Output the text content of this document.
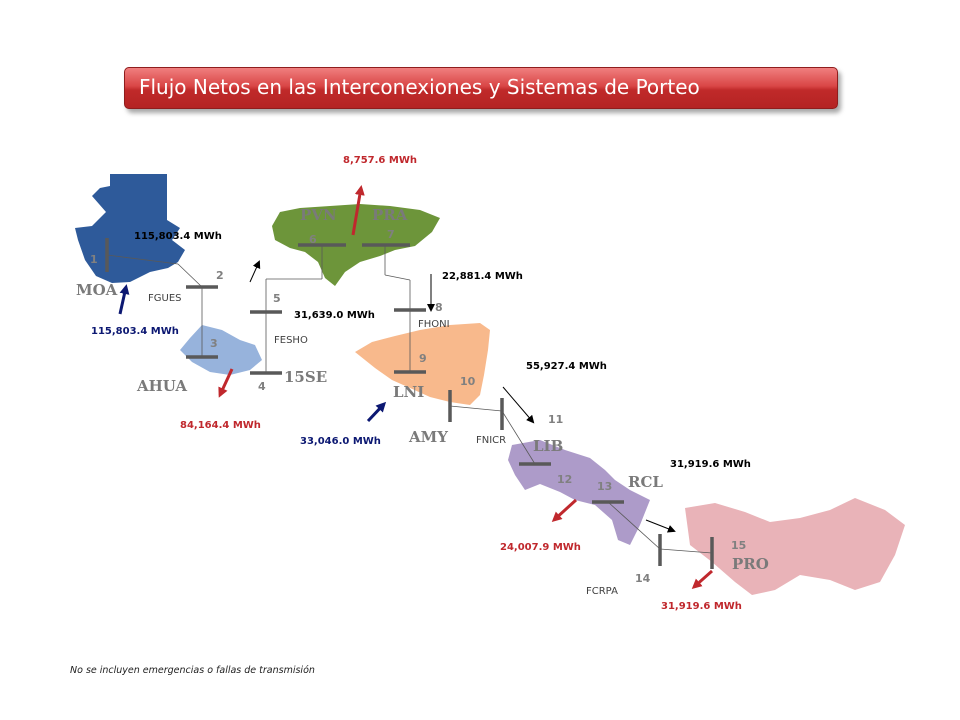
Flujo Netos en las Interconexiones y Sistemas de Porteo
MOA
AHUA	15SE
PVN PRA
LNI
AMY	LIB
RCL
PRO
1
2
3
4
5
6	7
8
9
10
11
12
13
14
15
FGUES
FESHO
FHONI
FNICR
FCRPA
8,757.6 MWh
115,803.4 MWh
22,881.4 MWh
31,639.0 MWh
115,803.4 MWh
55,927.4 MWh
84,164.4 MWh
33,046.0 MWh
31,919.6 MWh
24,007.9 MWh
31,919.6 MWh
No se incluyen emergencias o fallas de transmisión
